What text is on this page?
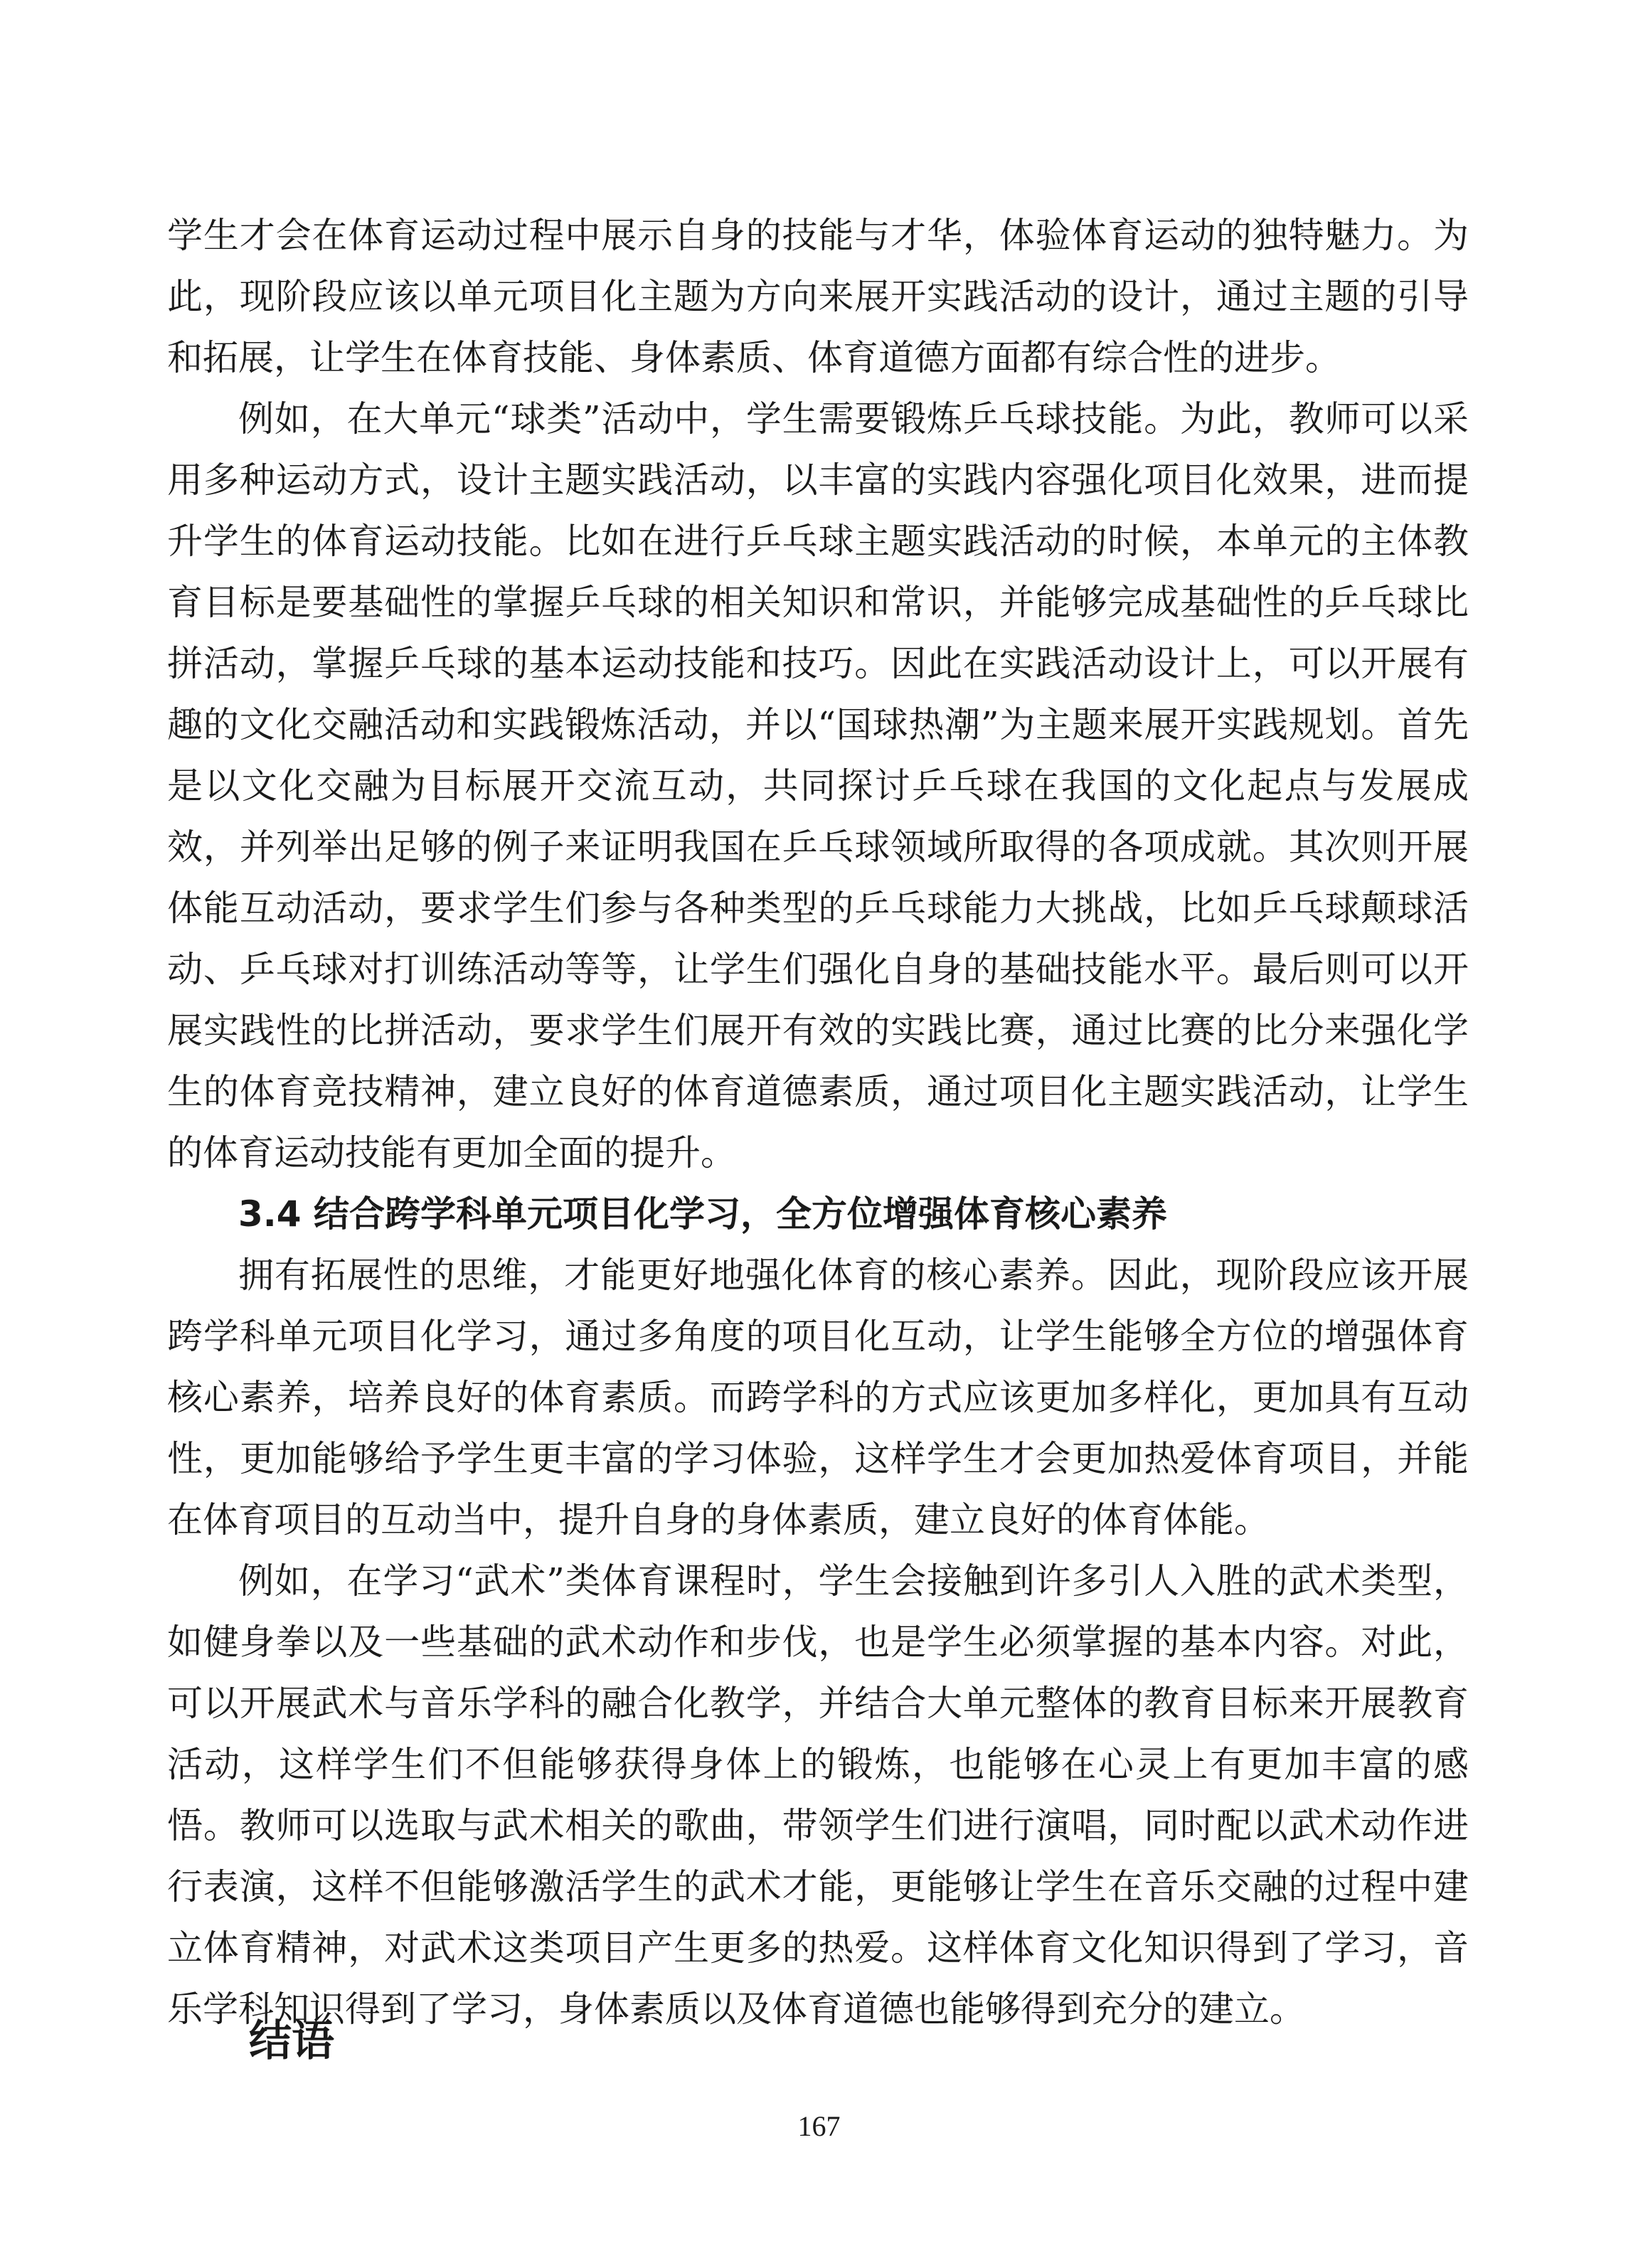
学生才会在体育运动过程中展示自身的技能与才华，体验体育运动的独特魅力。为此，现阶段应该以单元项目化主题为方向来展开实践活动的设计，通过主题的引导和拓展，让学生在体育技能、身体素质、体育道德方面都有综合性的进步。

例如，在大单元“球类”活动中，学生需要锻炼乒乓球技能。为此，教师可以采用多种运动方式，设计主题实践活动，以丰富的实践内容强化项目化效果，进而提升学生的体育运动技能。比如在进行乒乓球主题实践活动的时候，本单元的主体教育目标是要基础性的掌握乒乓球的相关知识和常识，并能够完成基础性的乒乓球比拼活动，掌握乒乓球的基本运动技能和技巧。因此在实践活动设计上，可以开展有趣的文化交融活动和实践锻炼活动，并以“国球热潮”为主题来展开实践规划。首先是以文化交融为目标展开交流互动，共同探讨乒乓球在我国的文化起点与发展成效，并列举出足够的例子来证明我国在乒乓球领域所取得的各项成就。其次则开展体能互动活动，要求学生们参与各种类型的乒乓球能力大挑战，比如乒乓球颠球活动、乒乓球对打训练活动等等，让学生们强化自身的基础技能水平。最后则可以开展实践性的比拼活动，要求学生们展开有效的实践比赛，通过比赛的比分来强化学生的体育竞技精神，建立良好的体育道德素质，通过项目化主题实践活动，让学生的体育运动技能有更加全面的提升。

3.4 结合跨学科单元项目化学习，全方位增强体育核心素养

拥有拓展性的思维，才能更好地强化体育的核心素养。因此，现阶段应该开展跨学科单元项目化学习，通过多角度的项目化互动，让学生能够全方位的增强体育核心素养，培养良好的体育素质。而跨学科的方式应该更加多样化，更加具有互动性，更加能够给予学生更丰富的学习体验，这样学生才会更加热爱体育项目，并能在体育项目的互动当中，提升自身的身体素质，建立良好的体育体能。

例如，在学习“武术”类体育课程时，学生会接触到许多引人入胜的武术类型，如健身拳以及一些基础的武术动作和步伐，也是学生必须掌握的基本内容。对此，可以开展武术与音乐学科的融合化教学，并结合大单元整体的教育目标来开展教育活动，这样学生们不但能够获得身体上的锻炼，也能够在心灵上有更加丰富的感悟。教师可以选取与武术相关的歌曲，带领学生们进行演唱，同时配以武术动作进行表演，这样不但能够激活学生的武术才能，更能够让学生在音乐交融的过程中建立体育精神，对武术这类项目产生更多的热爱。这样体育文化知识得到了学习，音乐学科知识得到了学习，身体素质以及体育道德也能够得到充分的建立。

结语
167
